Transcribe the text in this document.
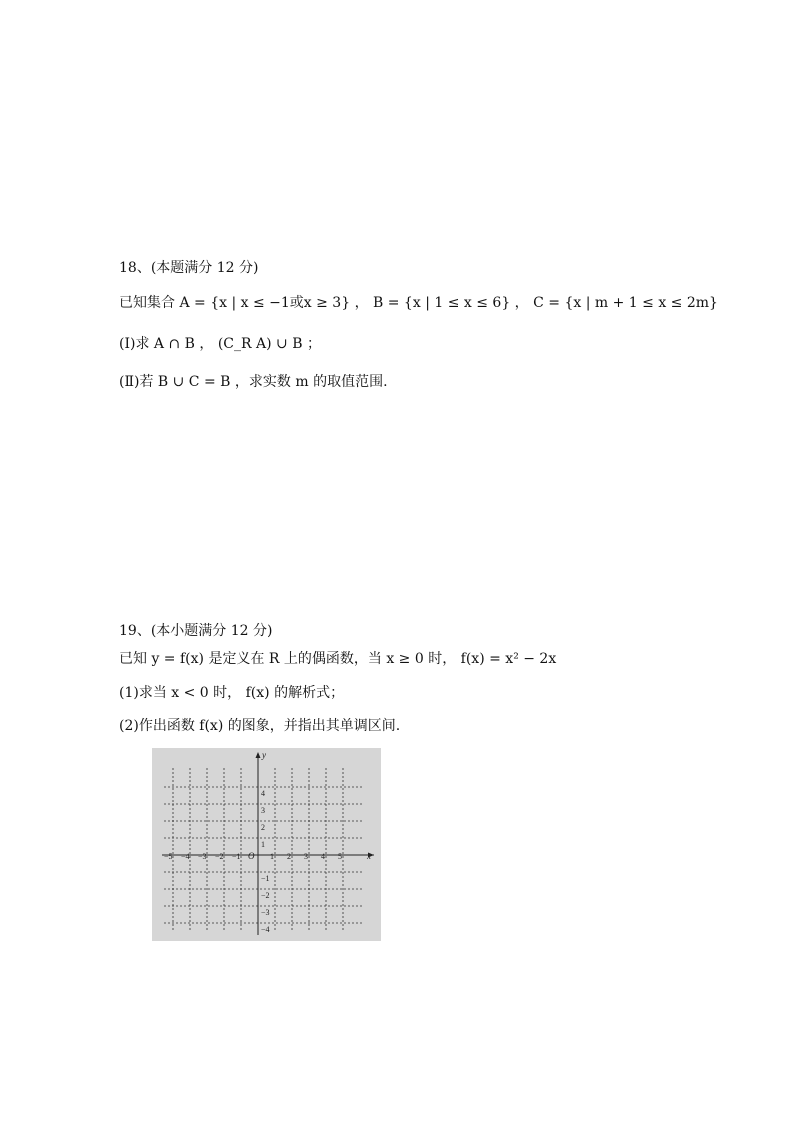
18、(本题满分 12 分)
已知集合 A = {x | x ≤ −1或x ≥ 3} ， B = {x | 1 ≤ x ≤ 6} ， C = {x | m + 1 ≤ x ≤ 2m}
(Ⅰ)求 A ∩ B ， (C_R A) ∪ B ；
(Ⅱ)若 B ∪ C = B ，求实数 m 的取值范围.
19、(本小题满分 12 分)
已知 y = f(x) 是定义在 R 上的偶函数，当 x ≥ 0 时， f(x) = x² − 2x
(1)求当 x < 0 时， f(x) 的解析式；
(2)作出函数 f(x) 的图象，并指出其单调区间.
−5 −4 −3 −2 −1	1 2 3 4 5
4
3
2
1
−1
−2
−3
−4
O	x
y
